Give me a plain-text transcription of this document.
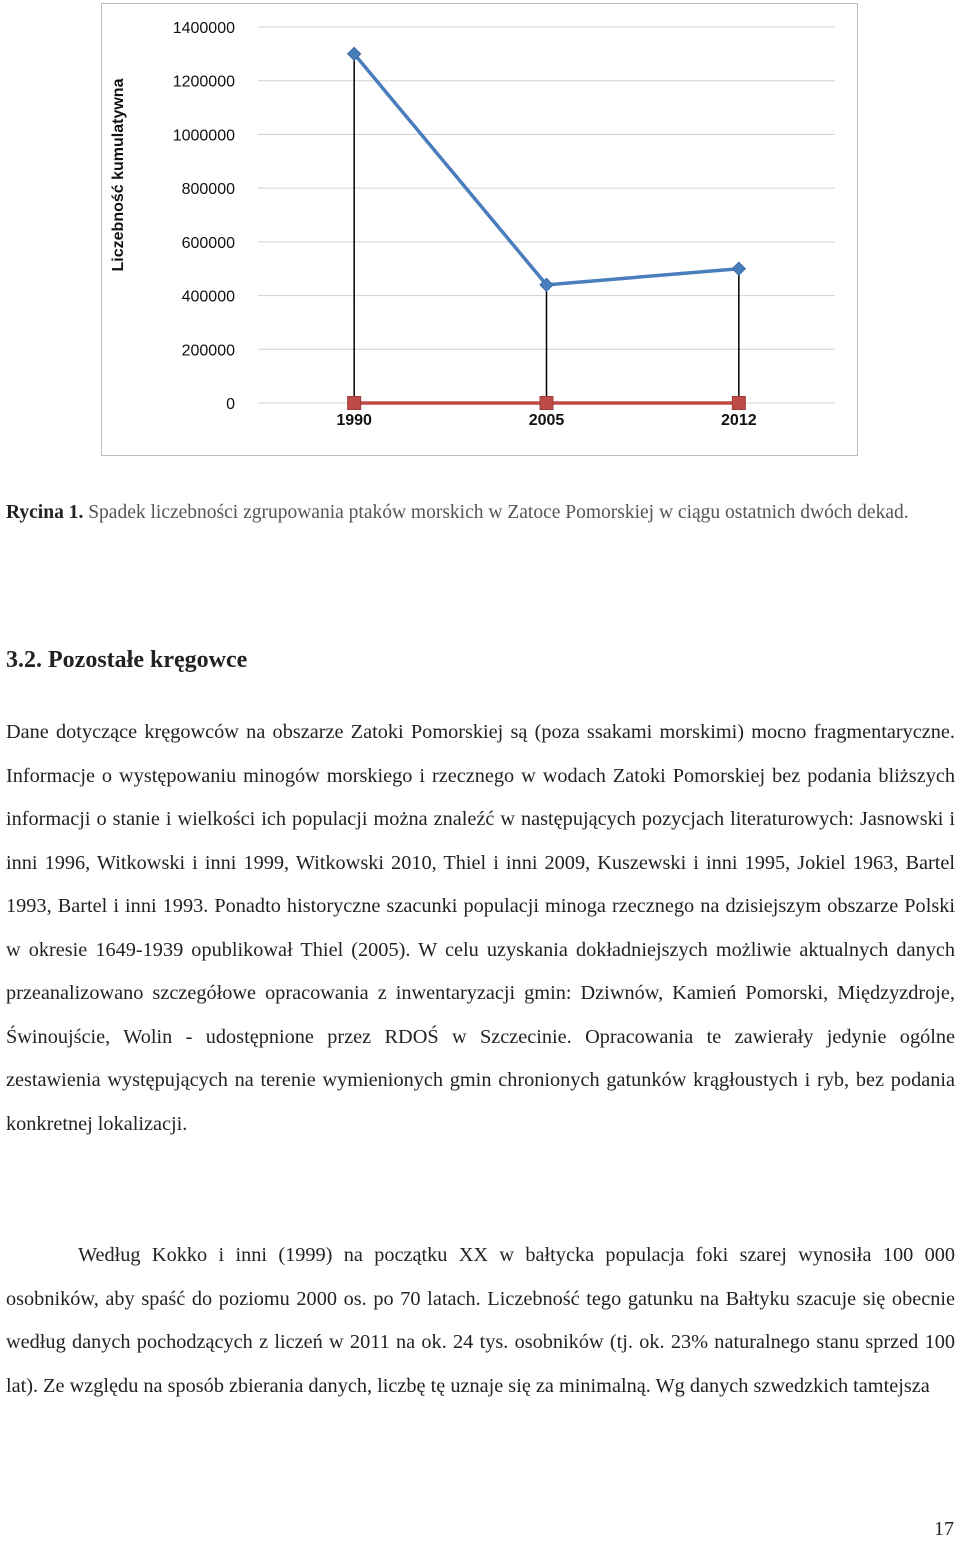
0
200000
400000
600000
800000
1000000
1200000
1400000
Liczebność kumulatywna
1990	2005	2012
Rycina 1. Spadek liczebności zgrupowania ptaków morskich w Zatoce Pomorskiej w ciągu ostatnich dwóch dekad.
3.2. Pozostałe kręgowce

Dane dotyczące kręgowców na obszarze Zatoki Pomorskiej są (poza ssakami morskimi) mocno fragmentaryczne. Informacje o występowaniu minogów morskiego i rzecznego w wodach Zatoki Pomorskiej bez podania bliższych informacji o stanie i wielkości ich populacji można znaleźć w następujących pozycjach literaturowych: Jasnowski i inni 1996, Witkowski i inni 1999, Witkowski 2010, Thiel i inni 2009, Kuszewski i inni 1995, Jokiel 1963, Bartel 1993, Bartel i inni 1993. Ponadto historyczne szacunki populacji minoga rzecznego na dzisiejszym obszarze Polski w okresie 1649-1939 opublikował Thiel (2005). W celu uzyskania dokładniejszych możliwie aktualnych danych przeanalizowano szczegółowe opracowania z inwentaryzacji gmin: Dziwnów, Kamień Pomorski, Międzyzdroje, Świnoujście, Wolin - udostępnione przez RDOŚ w Szczecinie. Opracowania te zawierały jedynie ogólne zestawienia występujących na terenie wymienionych gmin chronionych gatunków krągłoustych i ryb, bez podania konkretnej lokalizacji.

Według Kokko i inni (1999) na początku XX w bałtycka populacja foki szarej wynosiła 100 000 osobników, aby spaść do poziomu 2000 os. po 70 latach. Liczebność tego gatunku na Bałtyku szacuje się obecnie według danych pochodzących z liczeń w 2011 na ok. 24 tys. osobników (tj. ok. 23% naturalnego stanu sprzed 100 lat). Ze względu na sposób zbierania danych, liczbę tę uznaje się za minimalną. Wg danych szwedzkich tamtejsza

17
